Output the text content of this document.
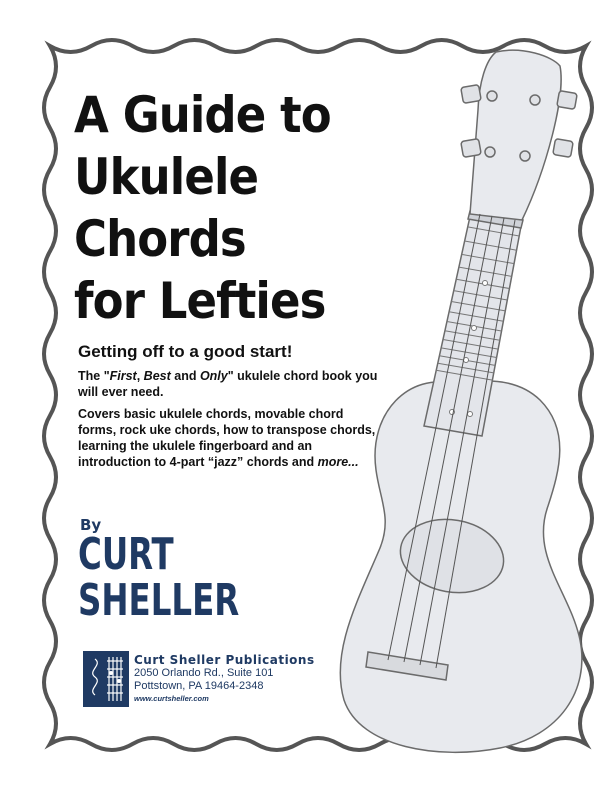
A Guide to
Ukulele
Chords
for Lefties
Getting off to a good start!
The "First, Best and Only" ukulele chord book you will ever need.
Covers basic ukulele chords, movable chord forms, rock uke chords, how to transpose chords, learning the ukulele fingerboard and an introduction to 4-part “jazz” chords and more...
By
CURT
SHELLER
Curt Sheller Publications
2050 Orlando Rd., Suite 101
Pottstown, PA 19464-2348
www.curtsheller.com
